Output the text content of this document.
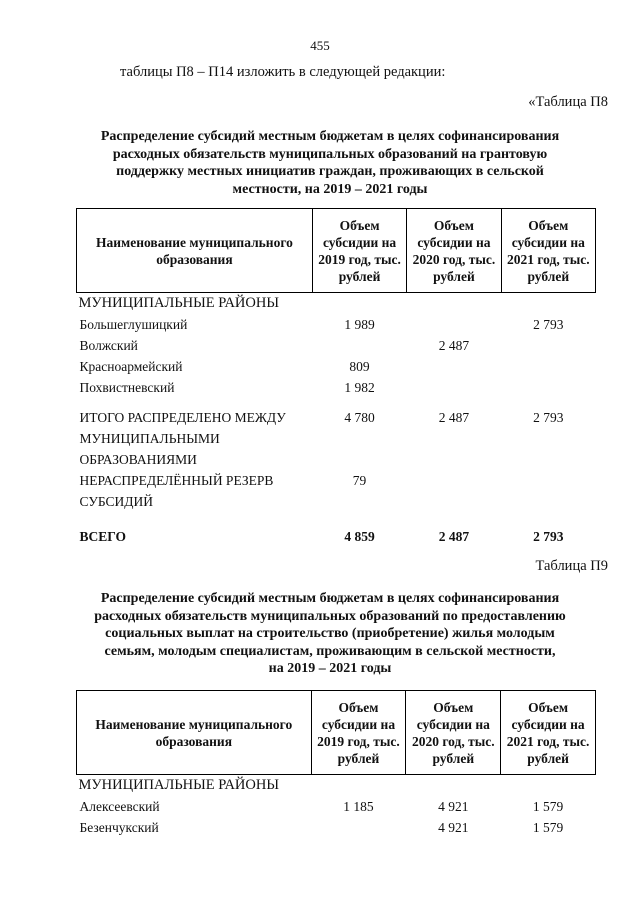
455
таблицы П8 – П14 изложить в следующей редакции:
«Таблица П8
Распределение субсидий местным бюджетам в целях софинансирования
расходных обязательств муниципальных образований на грантовую
поддержку местных инициатив граждан, проживающих в сельской
местности, на 2019 – 2021 годы
Наименование муниципального образования	Объем субсидии на 2019 год, тыс. рублей	Объем субсидии на 2020 год, тыс. рублей	Объем субсидии на 2021 год, тыс. рублей
МУНИЦИПАЛЬНЫЕ РАЙОНЫ			
Большеглушицкий	1 989		2 793
Волжский		2 487	
Красноармейский	809		
Похвистневский	1 982		
ИТОГО РАСПРЕДЕЛЕНО МЕЖДУ МУНИЦИПАЛЬНЫМИ ОБРАЗОВАНИЯМИ	4 780	2 487	2 793
НЕРАСПРЕДЕЛЁННЫЙ РЕЗЕРВ СУБСИДИЙ	79		
ВСЕГО	4 859	2 487	2 793
Таблица П9
Распределение субсидий местным бюджетам в целях софинансирования
расходных обязательств муниципальных образований по предоставлению
социальных выплат на строительство (приобретение) жилья молодым
семьям, молодым специалистам, проживающим в сельской местности,
на 2019 – 2021 годы
Наименование муниципального образования	Объем субсидии на 2019 год, тыс. рублей	Объем субсидии на 2020 год, тыс. рублей	Объем субсидии на 2021 год, тыс. рублей
МУНИЦИПАЛЬНЫЕ РАЙОНЫ			
Алексеевский	1 185	4 921	1 579
Безенчукский		4 921	1 579
